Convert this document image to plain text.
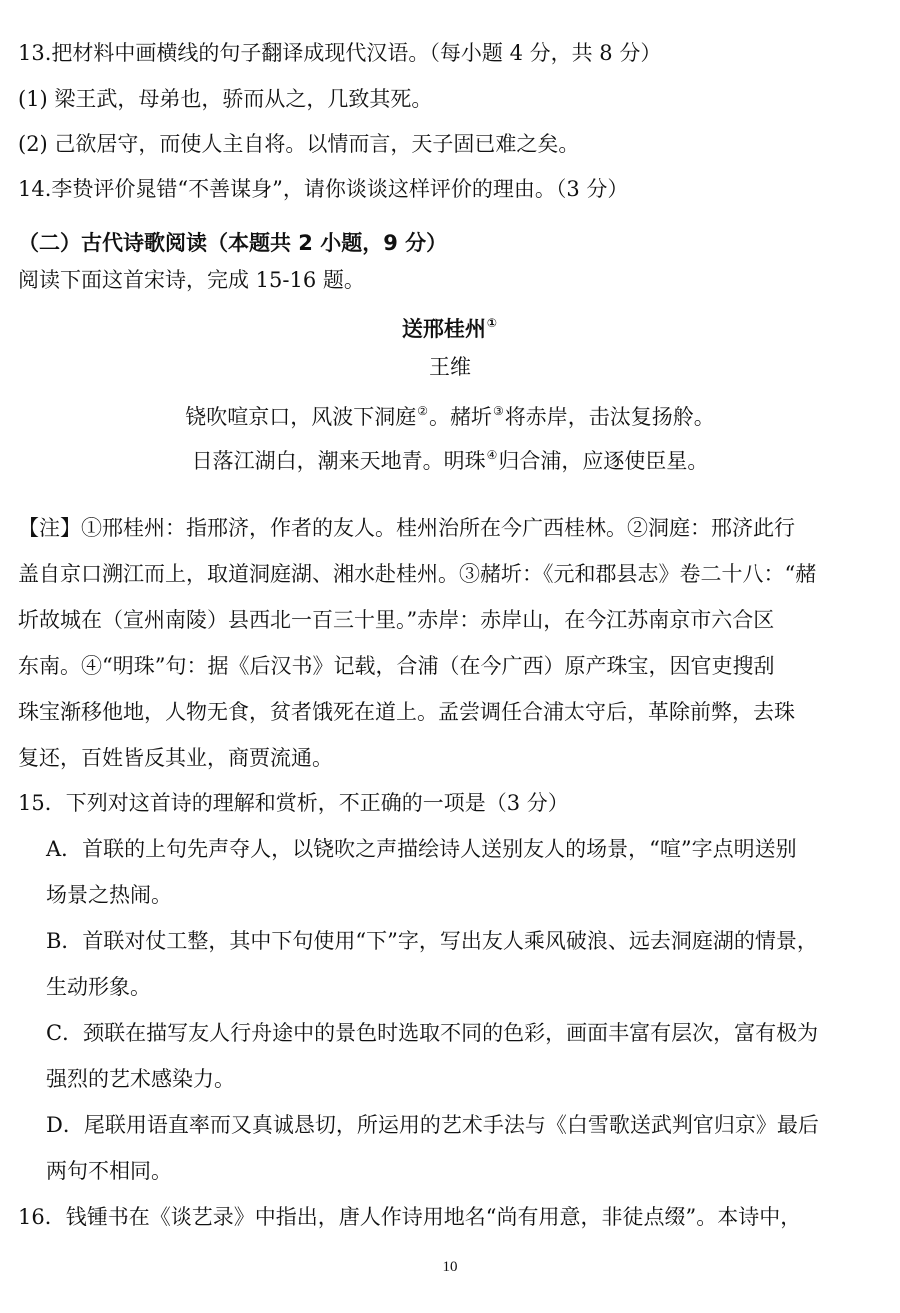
13.把材料中画横线的句子翻译成现代汉语。（每小题 4 分，共 8 分）
(1) 梁王武，母弟也，骄而从之，几致其死。
(2) 己欲居守，而使人主自将。以情而言，天子固已难之矣。
14.李贽评价晁错“不善谋身”，请你谈谈这样评价的理由。（3 分）
（二）古代诗歌阅读（本题共 2 小题，9 分）
阅读下面这首宋诗，完成 15-16 题。
送邢桂州①
王维
铙吹喧京口，风波下洞庭②。赭圻③将赤岸，击汰复扬舲。
日落江湖白，潮来天地青。明珠④归合浦，应逐使臣星。
【注】①邢桂州：指邢济，作者的友人。桂州治所在今广西桂林。②洞庭：邢济此行
盖自京口溯江而上，取道洞庭湖、湘水赴桂州。③赭圻：《元和郡县志》卷二十八：“赭
圻故城在（宣州南陵）县西北一百三十里。”赤岸：赤岸山，在今江苏南京市六合区
东南。④“明珠”句：据《后汉书》记载，合浦（在今广西）原产珠宝，因官吏搜刮
珠宝渐移他地，人物无食，贫者饿死在道上。孟尝调任合浦太守后，革除前弊，去珠
复还，百姓皆反其业，商贾流通。
15．下列对这首诗的理解和赏析，不正确的一项是（3 分）
A．首联的上句先声夺人，以铙吹之声描绘诗人送别友人的场景，“喧”字点明送别
场景之热闹。
B．首联对仗工整，其中下句使用“下”字，写出友人乘风破浪、远去洞庭湖的情景，
生动形象。
C．颈联在描写友人行舟途中的景色时选取不同的色彩，画面丰富有层次，富有极为
强烈的艺术感染力。
D．尾联用语直率而又真诚恳切，所运用的艺术手法与《白雪歌送武判官归京》最后
两句不相同。
16．钱锺书在《谈艺录》中指出，唐人作诗用地名“尚有用意，非徒点缀”。本诗中，
10
